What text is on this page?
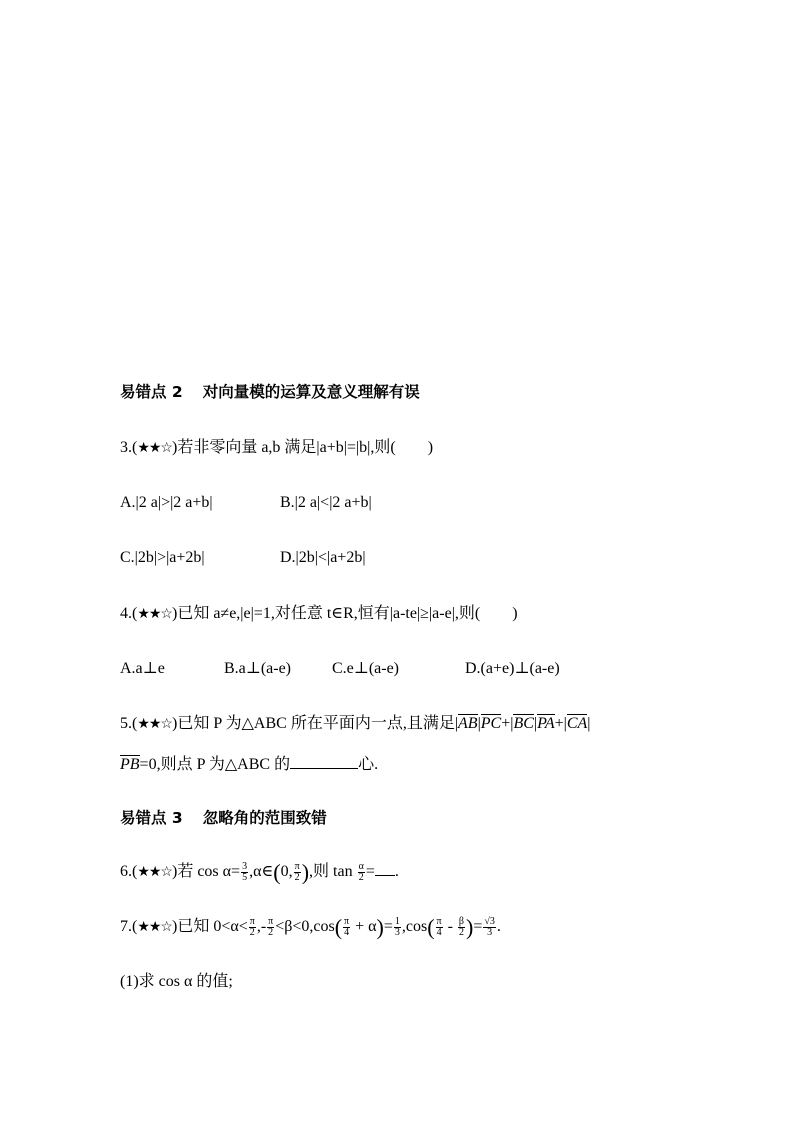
易错点 2 对向量模的运算及意义理解有误
3.(★★☆)若非零向量 a,b 满足|a+b|=|b|,则(　　)
A.|2 a|>|2 a+b|	B.|2 a|<|2 a+b|
C.|2b|>|a+2b|	D.|2b|<|a+2b|
4.(★★☆)已知 a≠e,|e|=1,对任意 t∈R,恒有|a-te|≥|a-e|,则(　　)
A.a⊥e	B.a⊥(a-e)	C.e⊥(a-e)	D.(a+e)⊥(a-e)
5.(★★☆)已知 P 为△ABC 所在平面内一点,且满足|AB|PC+|BC|PA+|CA|
PB=0,则点 P 为△ABC 的	心.
易错点 3 忽略角的范围致错
6.(★★☆)若 $\cos \alpha= \frac{3}{5}$ ,α∈(0, $\frac{\pi}{2}$ ),则 $\tan \frac{\alpha}{2}$ = .
7.(★★☆)已知 $0<\alpha< \frac{\pi}{2}$ ,- $\frac{\pi}{2} <\beta<0,\cos( \frac{\pi}{4} + \alpha)= \frac{1}{3} ,\cos( \frac{\pi}{4} - \frac{\beta}{2}$ )= $\frac{√3}{3}$ .
(1)求 cos α 的值;
